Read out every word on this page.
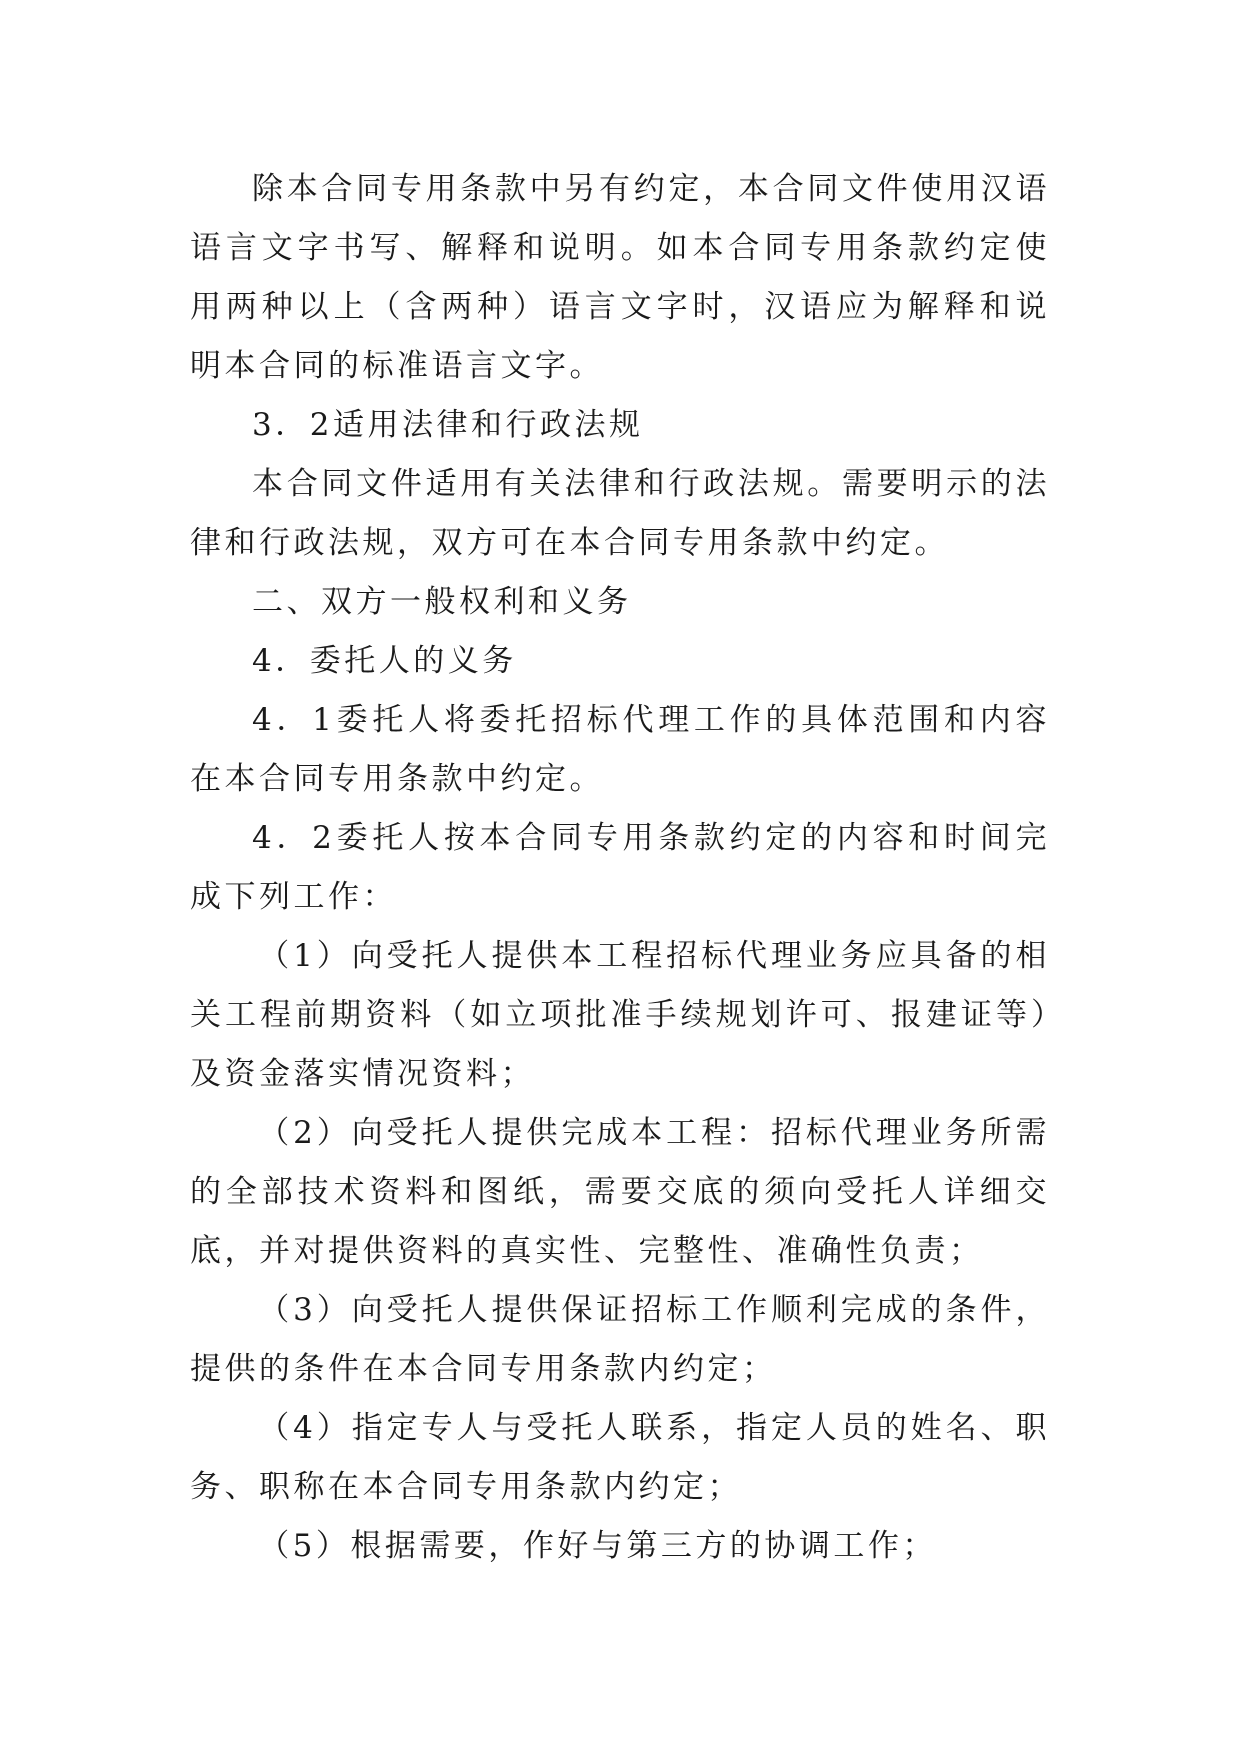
除本合同专用条款中另有约定，本合同文件使用汉语语言文字书写、解释和说明。如本合同专用条款约定使用两种以上（含两种）语言文字时，汉语应为解释和说明本合同的标准语言文字。

3．2适用法律和行政法规

本合同文件适用有关法律和行政法规。需要明示的法律和行政法规，双方可在本合同专用条款中约定。

二、双方一般权利和义务

4．委托人的义务

4．1委托人将委托招标代理工作的具体范围和内容在本合同专用条款中约定。

4．2委托人按本合同专用条款约定的内容和时间完成下列工作：

（1）向受托人提供本工程招标代理业务应具备的相关工程前期资料（如立项批准手续规划许可、报建证等）及资金落实情况资料；

（2）向受托人提供完成本工程：招标代理业务所需的全部技术资料和图纸，需要交底的须向受托人详细交底，并对提供资料的真实性、完整性、准确性负责；

（3）向受托人提供保证招标工作顺利完成的条件，提供的条件在本合同专用条款内约定；

（4）指定专人与受托人联系，指定人员的姓名、职务、职称在本合同专用条款内约定；

（5）根据需要，作好与第三方的协调工作；
